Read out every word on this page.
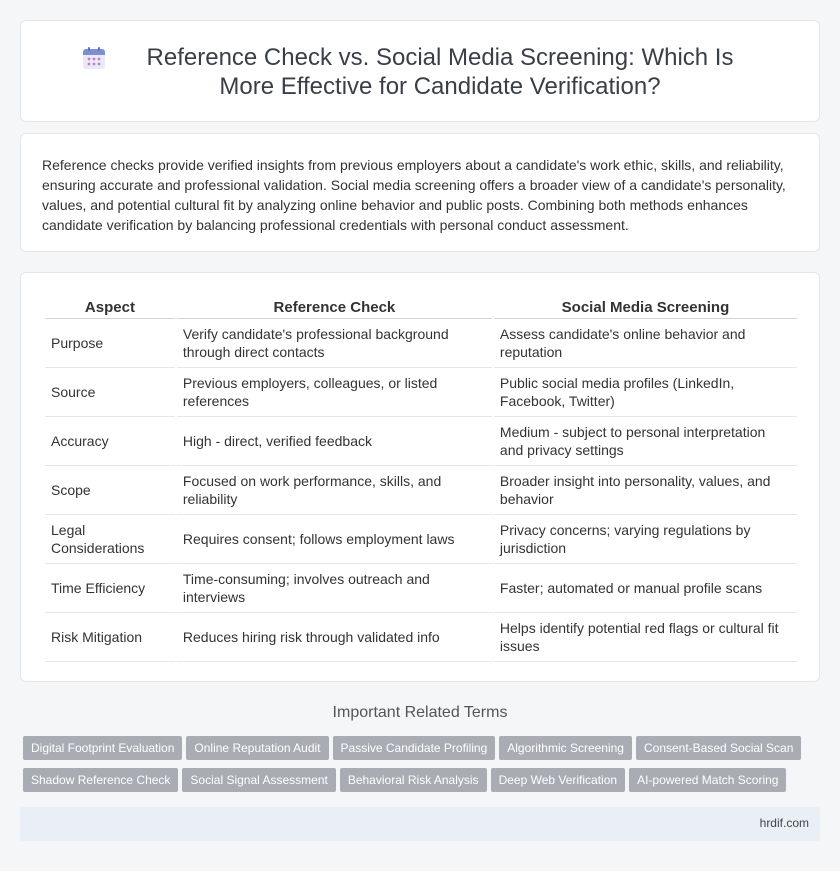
Reference Check vs. Social Media Screening: Which Is More Effective for Candidate Verification?

Reference checks provide verified insights from previous employers about a candidate's work ethic, skills, and reliability, ensuring accurate and professional validation. Social media screening offers a broader view of a candidate's personality, values, and potential cultural fit by analyzing online behavior and public posts. Combining both methods enhances candidate verification by balancing professional credentials with personal conduct assessment.

Aspect	Reference Check	Social Media Screening
Purpose	Verify candidate's professional background through direct contacts	Assess candidate's online behavior and reputation
Source	Previous employers, colleagues, or listed references	Public social media profiles (LinkedIn, Facebook, Twitter)
Accuracy	High - direct, verified feedback	Medium - subject to personal interpretation and privacy settings
Scope	Focused on work performance, skills, and reliability	Broader insight into personality, values, and behavior
Legal Considerations	Requires consent; follows employment laws	Privacy concerns; varying regulations by jurisdiction
Time Efficiency	Time-consuming; involves outreach and interviews	Faster; automated or manual profile scans
Risk Mitigation	Reduces hiring risk through validated info	Helps identify potential red flags or cultural fit issues
Important Related Terms
Digital Footprint Evaluation Online Reputation Audit Passive Candidate Profiling Algorithmic Screening Consent-Based Social Scan
Shadow Reference Check Social Signal Assessment Behavioral Risk Analysis Deep Web Verification AI-powered Match Scoring
hrdif.com
